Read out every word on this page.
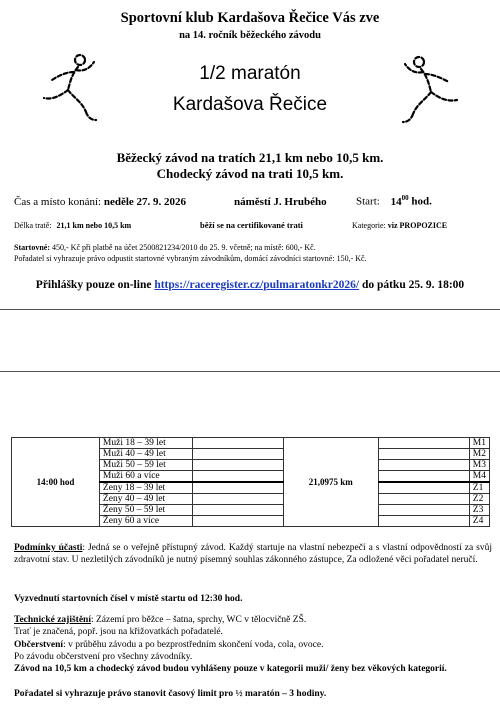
Sportovní klub Kardašova Řečice Vás zve
na 14. ročník běžeckého závodu
1/2 maratón
Kardašova Řečice
Běžecký závod na tratích 21,1 km nebo 10,5 km.
Chodecký závod na trati 10,5 km.
Čas a místo konání: neděle 27. 9. 2026	náměstí J. Hrubého	Start: $14^{00}$ hod.
Délka tratě: 21,1 km nebo 10,5 km	běží se na certifikované trati	Kategorie: viz PROPOZICE
Startovné: 450,- Kč při platbě na účet 2500821234/2010 do 25. 9. včetně; na místě: 600,- Kč.
Pořadatel si vyhrazuje právo odpustit startovné vybraným závodníkům, domácí závodníci startovné: 150,- Kč.
Přihlášky pouze on-line https://raceregister.cz/pulmaratonkr2026/ do pátku 25. 9. 18:00
14:00 hod	Muži 18 – 39 let		21,0975 km		M1
	Muži 40 – 49 let				M2
	Muži 50 – 59 let				M3
	Muži 60 a více				M4
	Ženy 18 – 39 let				Z1
	Ženy 40 – 49 let				Z2
	Ženy 50 – 59 let				Z3
	Ženy 60 a více				Z4
Podmínky účasti: Jedná se o veřejně přístupný závod. Každý startuje na vlastní nebezpečí a s vlastní odpovědností za svůj zdravotní stav. U nezletilých závodníků je nutný písemný souhlas zákonného zástupce, Za odložené věci pořadatel neručí.
Vyzvednutí startovních čísel v místě startu od 12:30 hod.
Technické zajištění: Zázemí pro běžce – šatna, sprchy, WC v tělocvičně ZŠ.
Trať je značená, popř. jsou na křižovatkách pořadatelé.
Občerstvení: v průběhu závodu a po bezprostředním skončení voda, cola, ovoce.
Po závodu občerstvení pro všechny závodníky.
Závod na 10,5 km a chodecký závod budou vyhlášeny pouze v kategorii muži/ ženy bez věkových kategorií.
Pořadatel si vyhrazuje právo stanovit časový limit pro ½ maratón – 3 hodiny.
